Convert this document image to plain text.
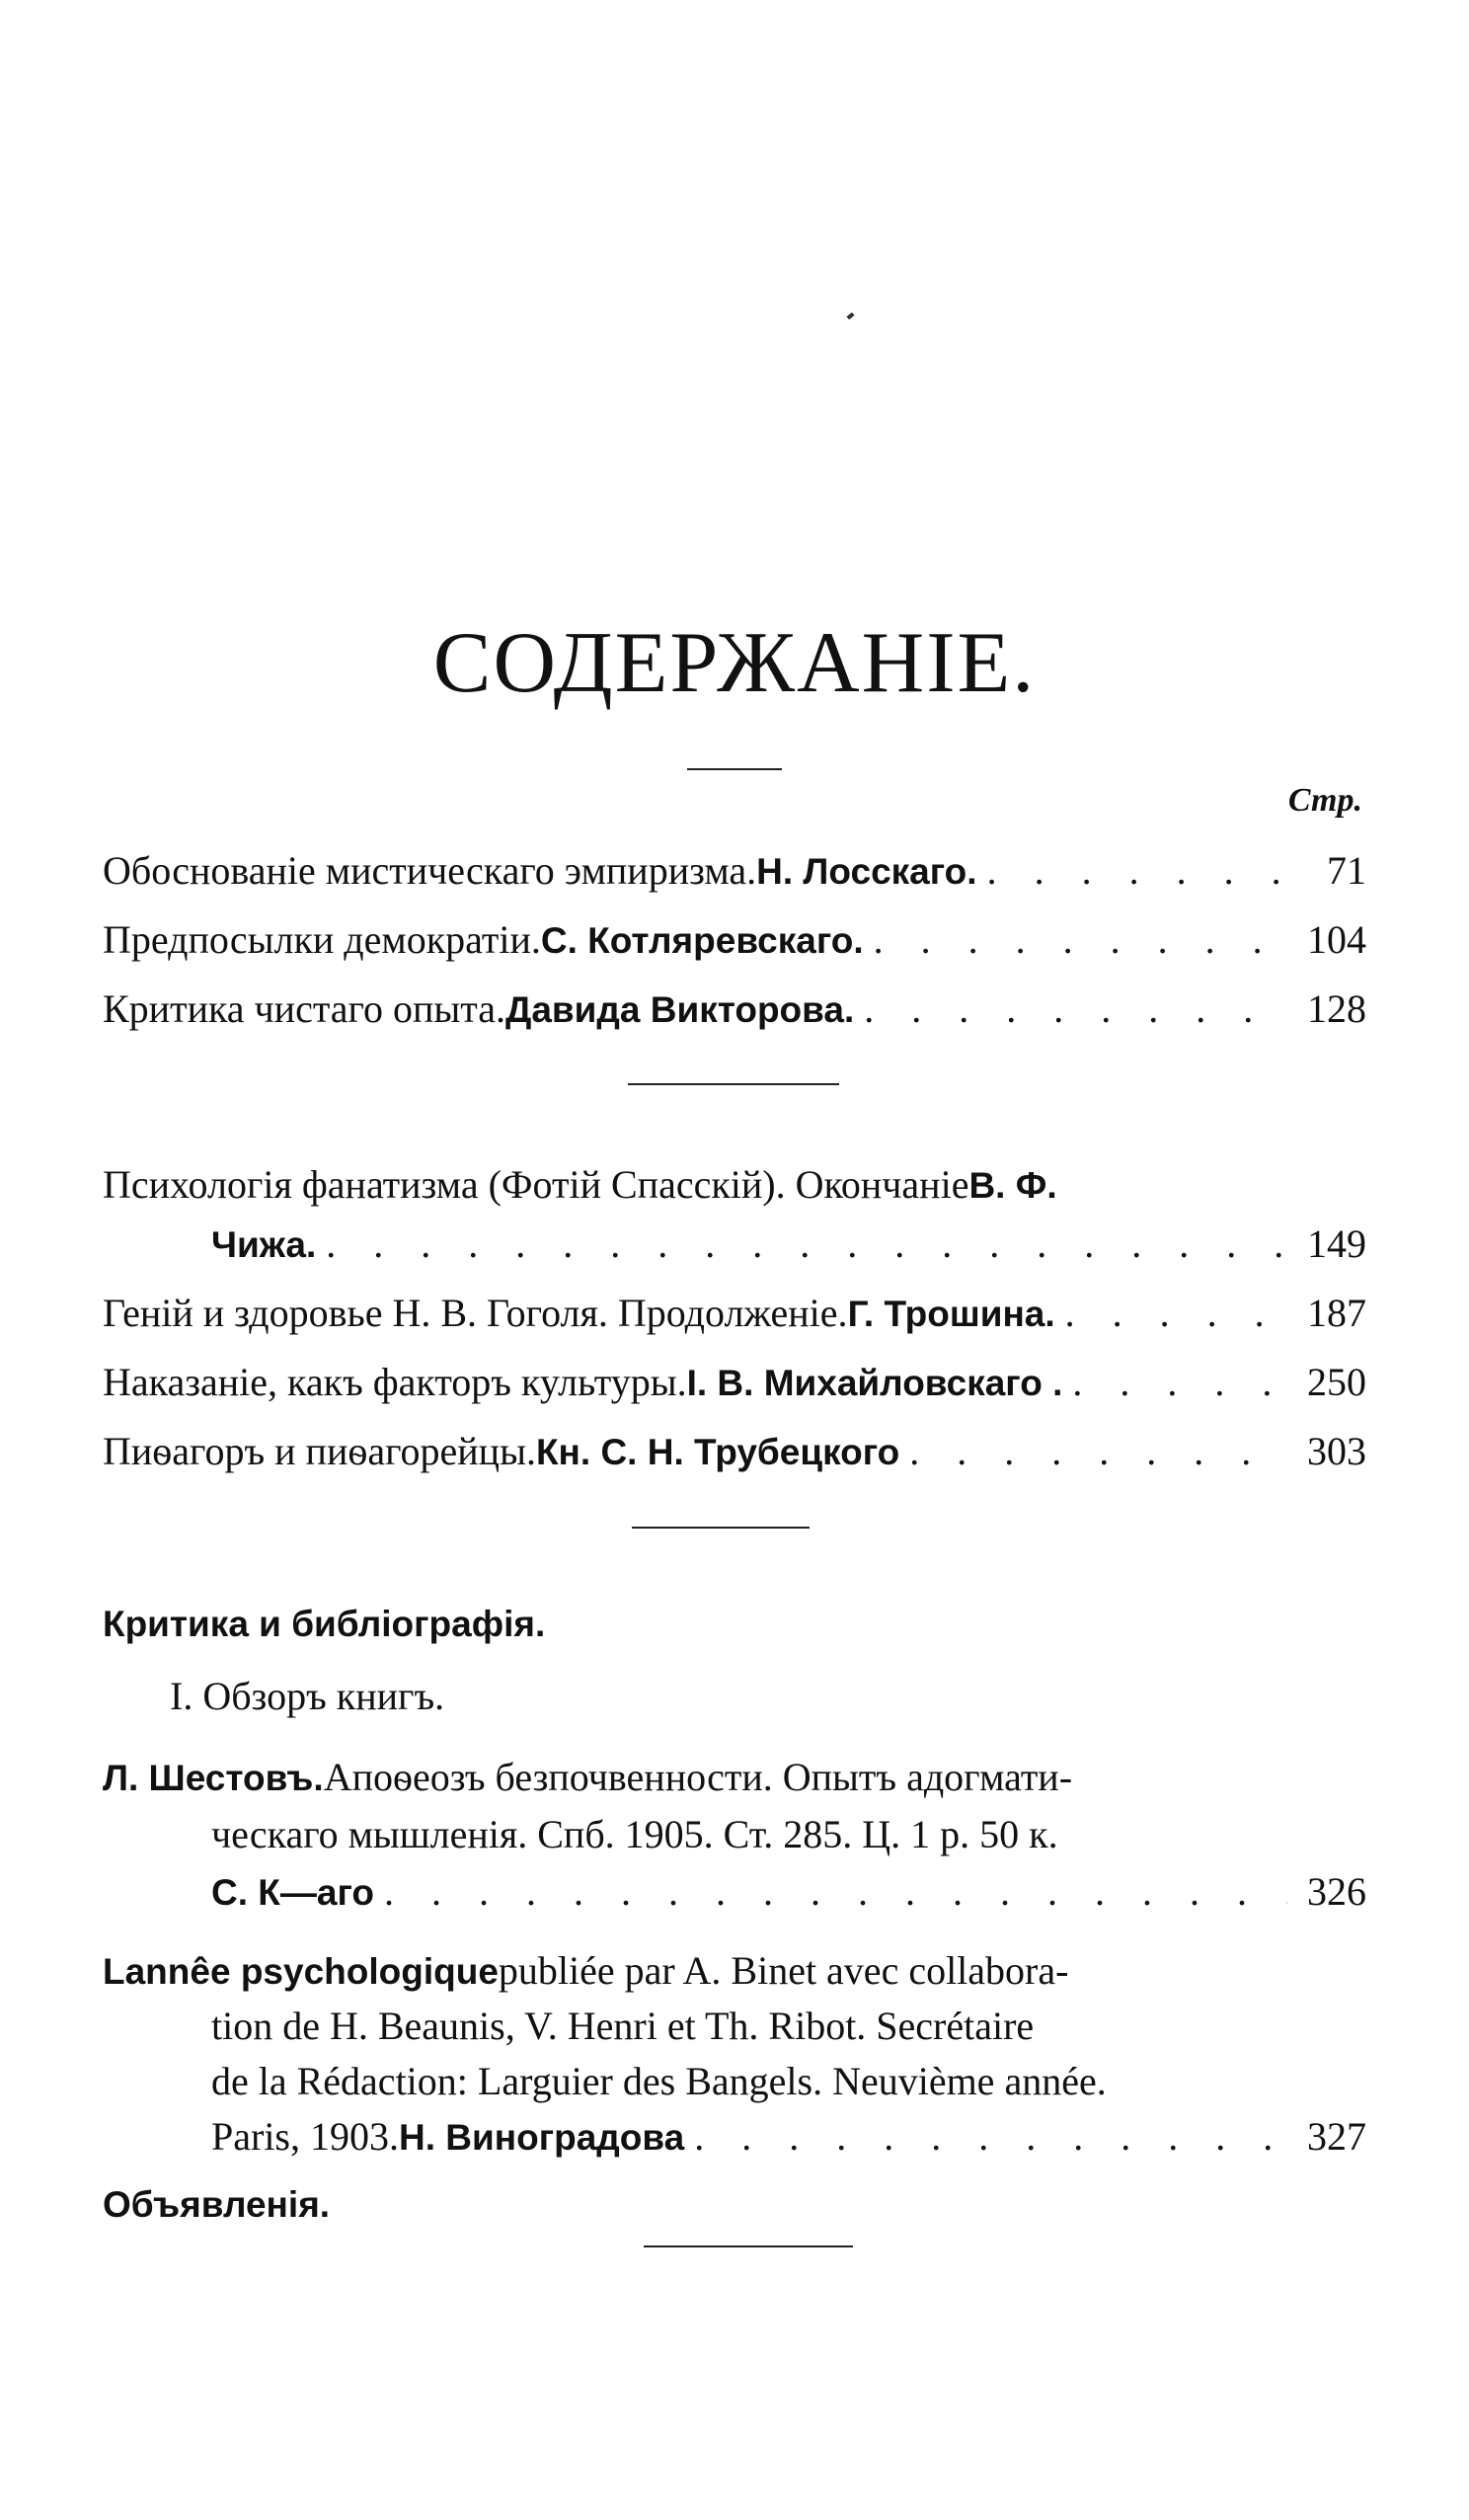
СОДЕРЖАНІЕ.
Стр.
Обоснованіе мистическаго эмпиризма. Н. Лосскаго. . . .	71
Предпосылки демократіи. С. Котляревскаго. . . .	104
Критика чистаго опыта. Давида Викторова. . . .	128
Психологія фанатизма (Фотій Спасскій). Окончаніе В. Ф.
Чижа. . . .	149
Геній и здоровье Н. В. Гоголя. Продолженіе. Г. Трошина. . . .	187
Наказаніе, какъ факторъ культуры. І. В. Михайловскаго . . . .	250
Пиѳагоръ и пиѳагорейцы. Кн. С. Н. Трубецкого . . .	303
Критика и библіографія.
І. Обзоръ книгъ.
Л. Шестовъ. Апоѳеозъ безпочвенности. Опытъ адогмати-
ческаго мышленія. Спб. 1905. Ст. 285. Ц. 1 р. 50 к.
С. К—аго . . .	326
Lannêe psychologique publiée par A. Binet avec collabora-
tion de H. Beaunis, V. Henri et Th. Ribot. Secrétaire
de la Rédaction: Larguier des Bangels. Neuvième année.
Paris, 1903. Н. Виноградова . . .	327
Объявленія.
